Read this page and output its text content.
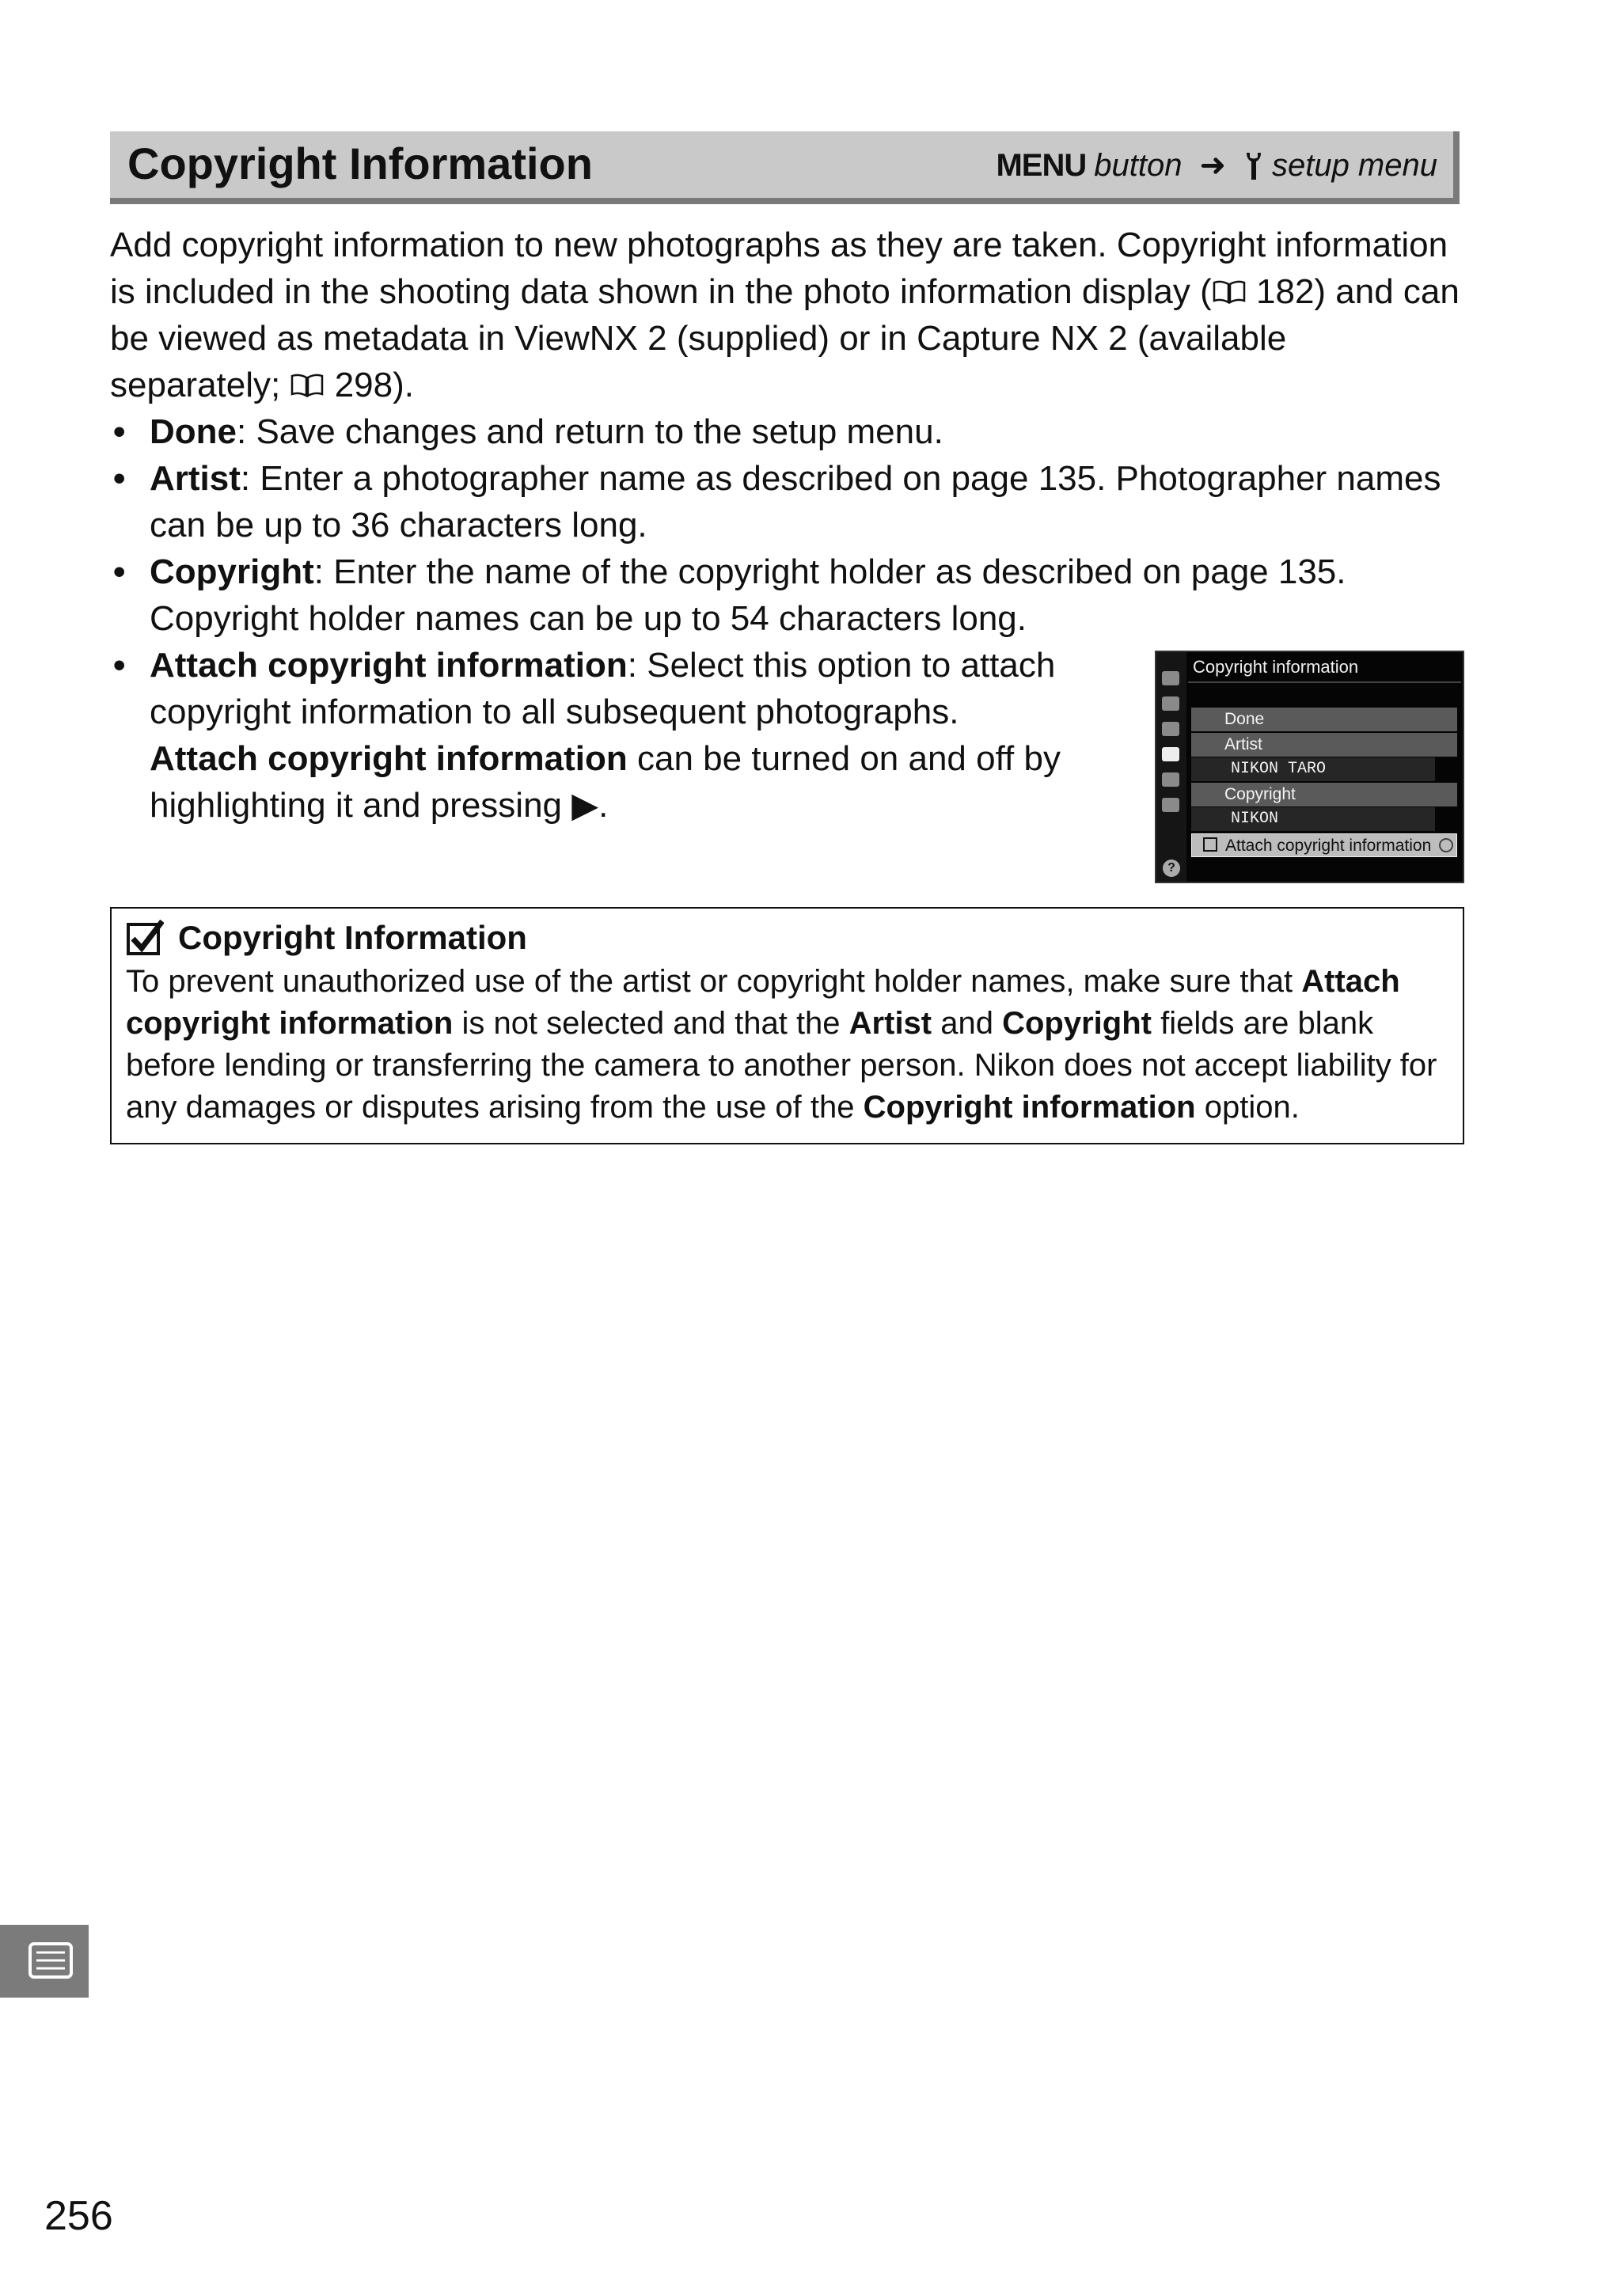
Copyright Information	MENU button ➜ setup menu
Add copyright information to new photographs as they are taken. Copyright information is included in the shooting data shown in the photo information display ( 182) and can be viewed as metadata in ViewNX 2 (supplied) or in Capture NX 2 (available separately;  298).

• Done: Save changes and return to the setup menu.

• Artist: Enter a photographer name as described on page 135. Photographer names can be up to 36 characters long.

• Copyright: Enter the name of the copyright holder as described on page 135. Copyright holder names can be up to 54 characters long.

• Attach copyright information: Select this option to attach copyright information to all subsequent photographs.
Attach copyright information can be turned on and off by highlighting it and pressing ▶.

?
Copyright information
Done
Artist
NIKON TARO
Copyright
NIKON
Attach copyright information
Copyright Information
To prevent unauthorized use of the artist or copyright holder names, make sure that Attach copyright information is not selected and that the Artist and Copyright fields are blank before lending or transferring the camera to another person. Nikon does not accept liability for any damages or disputes arising from the use of the Copyright information option.
256
